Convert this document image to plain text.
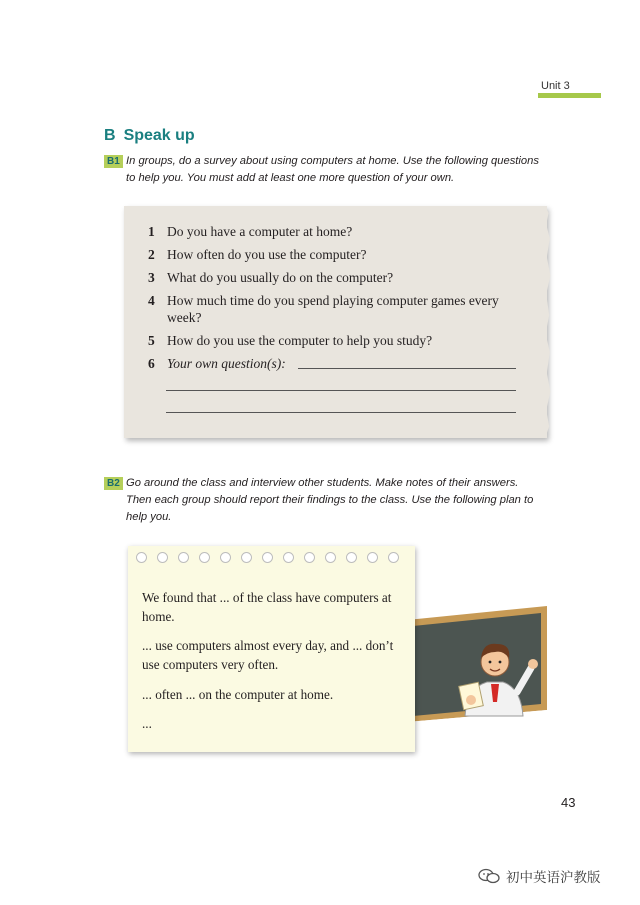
Unit 3
B Speak up
B1 In groups, do a survey about using computers at home. Use the following questions
to help you. You must add at least one more question of your own.
1 Do you have a computer at home?
2 How often do you use the computer?
3 What do you usually do on the computer?
4 How much time do you spend playing computer games every week?
5 How do you use the computer to help you study?
6 Your own question(s):
B2 Go around the class and interview other students. Make notes of their answers.
Then each group should report their findings to the class. Use the following plan to
help you.
We found that ... of the class have computers at home.
... use computers almost every day, and ... don’t use computers very often.
... often ... on the computer at home.
...
43
初中英语沪教版
